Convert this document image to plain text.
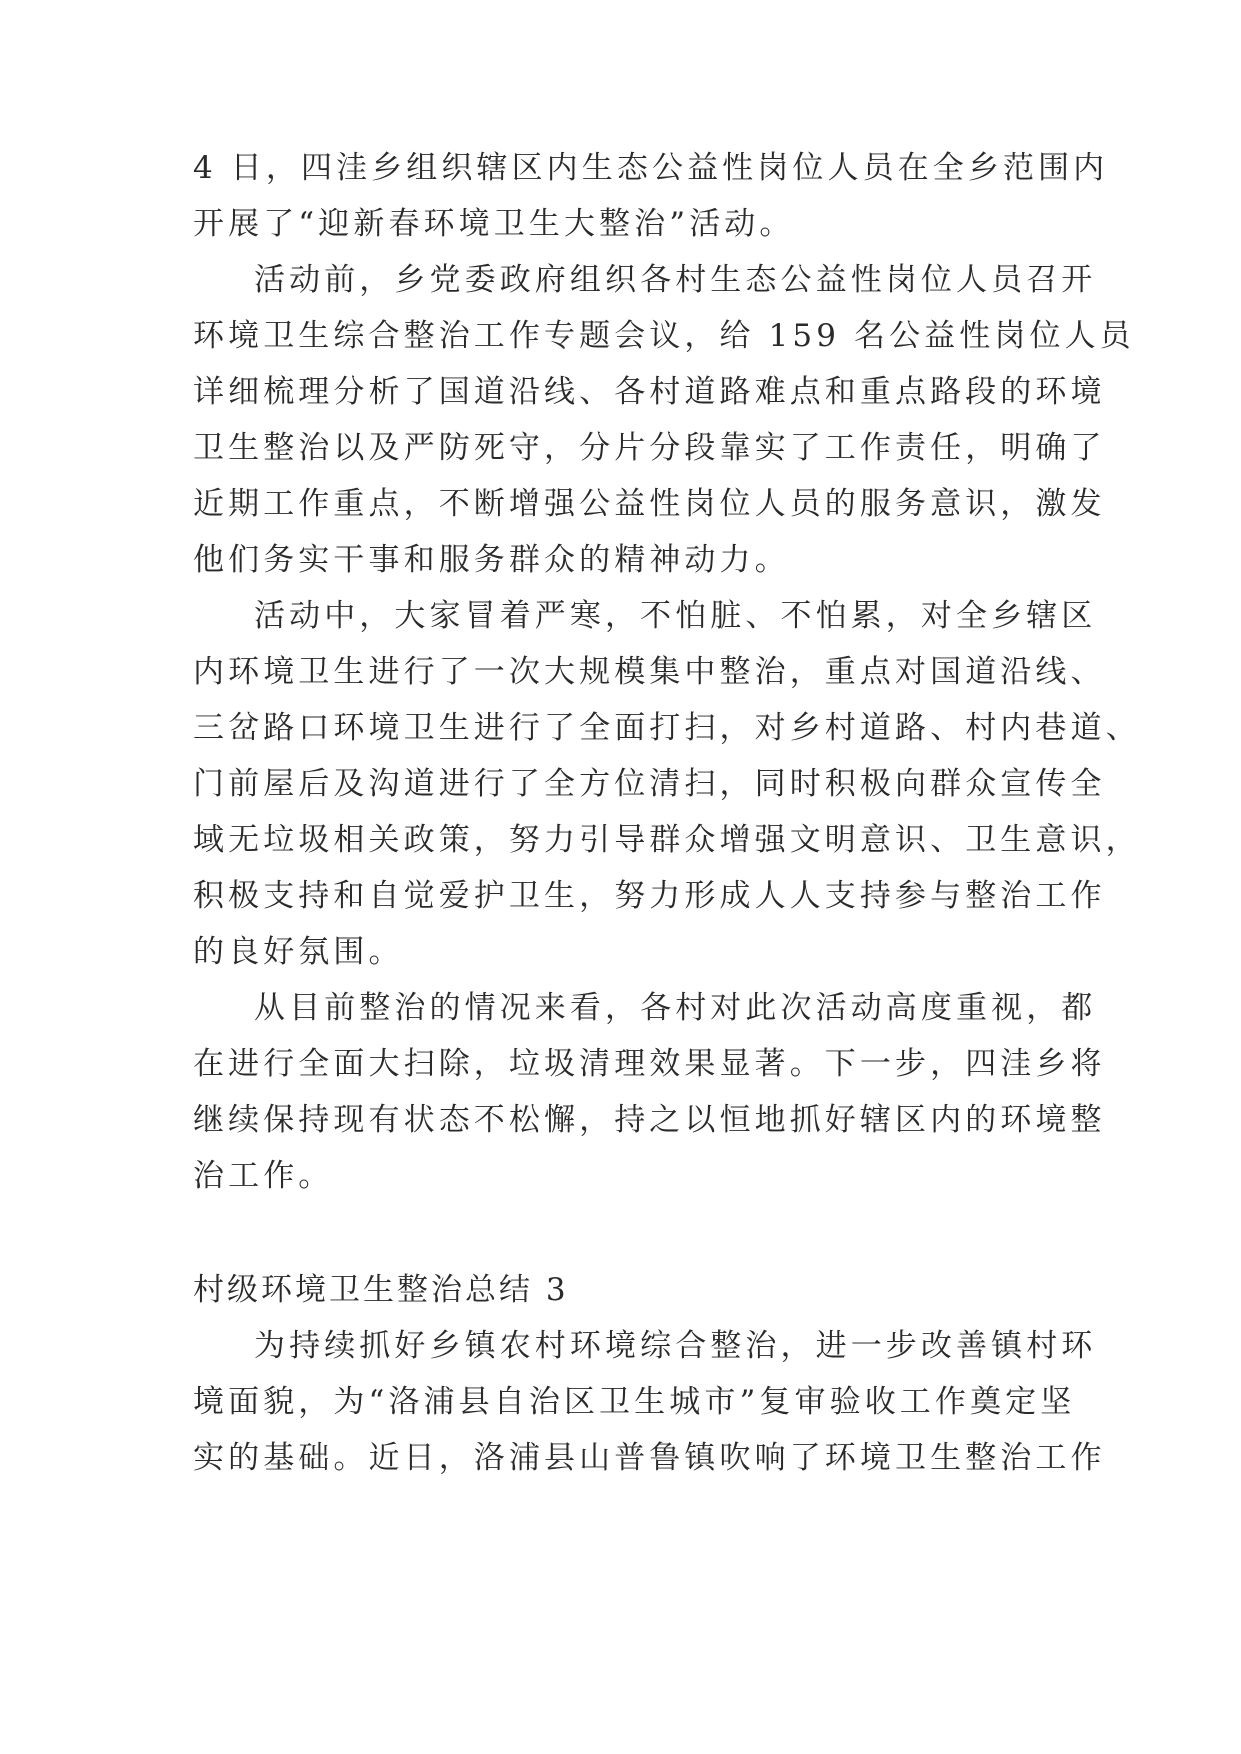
4 日，四洼乡组织辖区内生态公益性岗位人员在全乡范围内

开展了“迎新春环境卫生大整治”活动。

活动前，乡党委政府组织各村生态公益性岗位人员召开

环境卫生综合整治工作专题会议，给 159 名公益性岗位人员

详细梳理分析了国道沿线、各村道路难点和重点路段的环境

卫生整治以及严防死守，分片分段靠实了工作责任，明确了

近期工作重点，不断增强公益性岗位人员的服务意识，激发

他们务实干事和服务群众的精神动力。

活动中，大家冒着严寒，不怕脏、不怕累，对全乡辖区

内环境卫生进行了一次大规模集中整治，重点对国道沿线、

三岔路口环境卫生进行了全面打扫，对乡村道路、村内巷道、

门前屋后及沟道进行了全方位清扫，同时积极向群众宣传全

域无垃圾相关政策，努力引导群众增强文明意识、卫生意识，

积极支持和自觉爱护卫生，努力形成人人支持参与整治工作

的良好氛围。

从目前整治的情况来看，各村对此次活动高度重视，都

在进行全面大扫除，垃圾清理效果显著。下一步，四洼乡将

继续保持现有状态不松懈，持之以恒地抓好辖区内的环境整

治工作。

村级环境卫生整治总结 3

为持续抓好乡镇农村环境综合整治，进一步改善镇村环

境面貌，为“洛浦县自治区卫生城市”复审验收工作奠定坚

实的基础。近日，洛浦县山普鲁镇吹响了环境卫生整治工作
